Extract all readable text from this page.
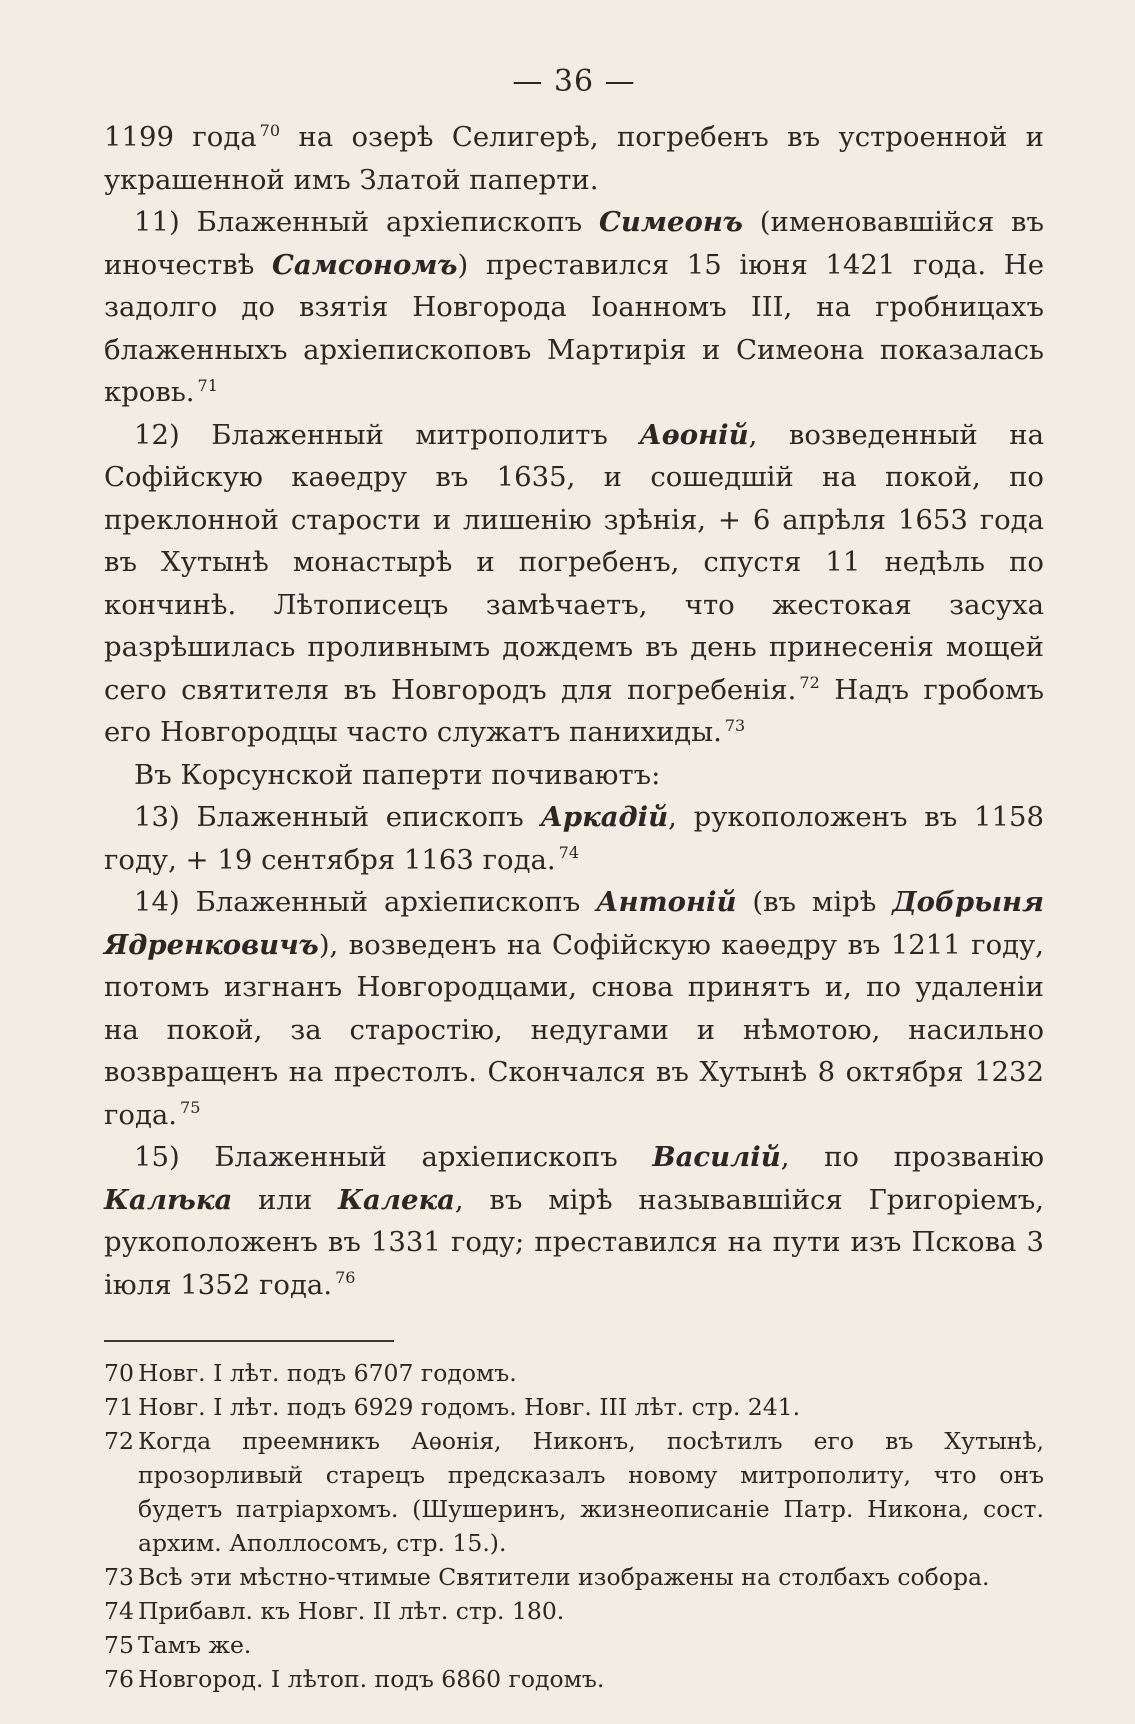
— 36 —

1199 года $^{70}$ на озерѣ Селигерѣ, погребенъ въ устроенной и украшенной имъ Златой паперти.

11) Блаженный архіепископъ Симеонъ (именовавшійся въ иночествѣ Самсономъ) преставился 15 іюня 1421 года. Не задолго до взятія Новгорода Іоанномъ III, на гробницахъ блаженныхъ архіепископовъ Мартирія и Симеона показалась кровь. $^{71}$

12) Блаженный митрополитъ Аѳоній, возведенный на Софійскую каѳедру въ 1635, и сошедшій на покой, по преклонной старости и лишенію зрѣнія, + 6 апрѣля 1653 года въ Хутынѣ монастырѣ и погребенъ, спустя 11 недѣль по кончинѣ. Лѣтописецъ замѣчаетъ, что жестокая засуха разрѣшилась проливнымъ дождемъ въ день принесенія мощей сего святителя въ Новгородъ для погребенія. $^{72}$ Надъ гробомъ его Новгородцы часто служатъ панихиды. $^{73}$

Въ Корсунской паперти почиваютъ:

13) Блаженный епископъ Аркадій, рукоположенъ въ 1158 году, + 19 сентября 1163 года. $^{74}$

14) Блаженный архіепископъ Антоній (въ мірѣ Добрыня Ядренковичъ), возведенъ на Софійскую каѳедру въ 1211 году, потомъ изгнанъ Новгородцами, снова принятъ и, по удаленіи на покой, за старостію, недугами и нѣмотою, насильно возвращенъ на престолъ. Скончался въ Хутынѣ 8 октября 1232 года. $^{75}$

15) Блаженный архіепископъ Василій, по прозванію Калѣка или Калека, въ мірѣ называвшійся Григоріемъ, рукоположенъ въ 1331 году; преставился на пути изъ Пскова 3 іюля 1352 года. $^{76}$

70 Новг. I лѣт. подъ 6707 годомъ.
71 Новг. I лѣт. подъ 6929 годомъ. Новг. III лѣт. стр. 241.
72 Когда преемникъ Аѳонія, Никонъ, посѣтилъ его въ Хутынѣ, прозорливый старецъ предсказалъ новому митрополиту, что онъ будетъ патріархомъ. (Шушеринъ, жизнеописаніе Патр. Никона, сост. архим. Аполлосомъ, стр. 15.).
73 Всѣ эти мѣстно-чтимые Святители изображены на столбахъ собора.
74 Прибавл. къ Новг. II лѣт. стр. 180.
75 Тамъ же.
76 Новгород. I лѣтоп. подъ 6860 годомъ.
